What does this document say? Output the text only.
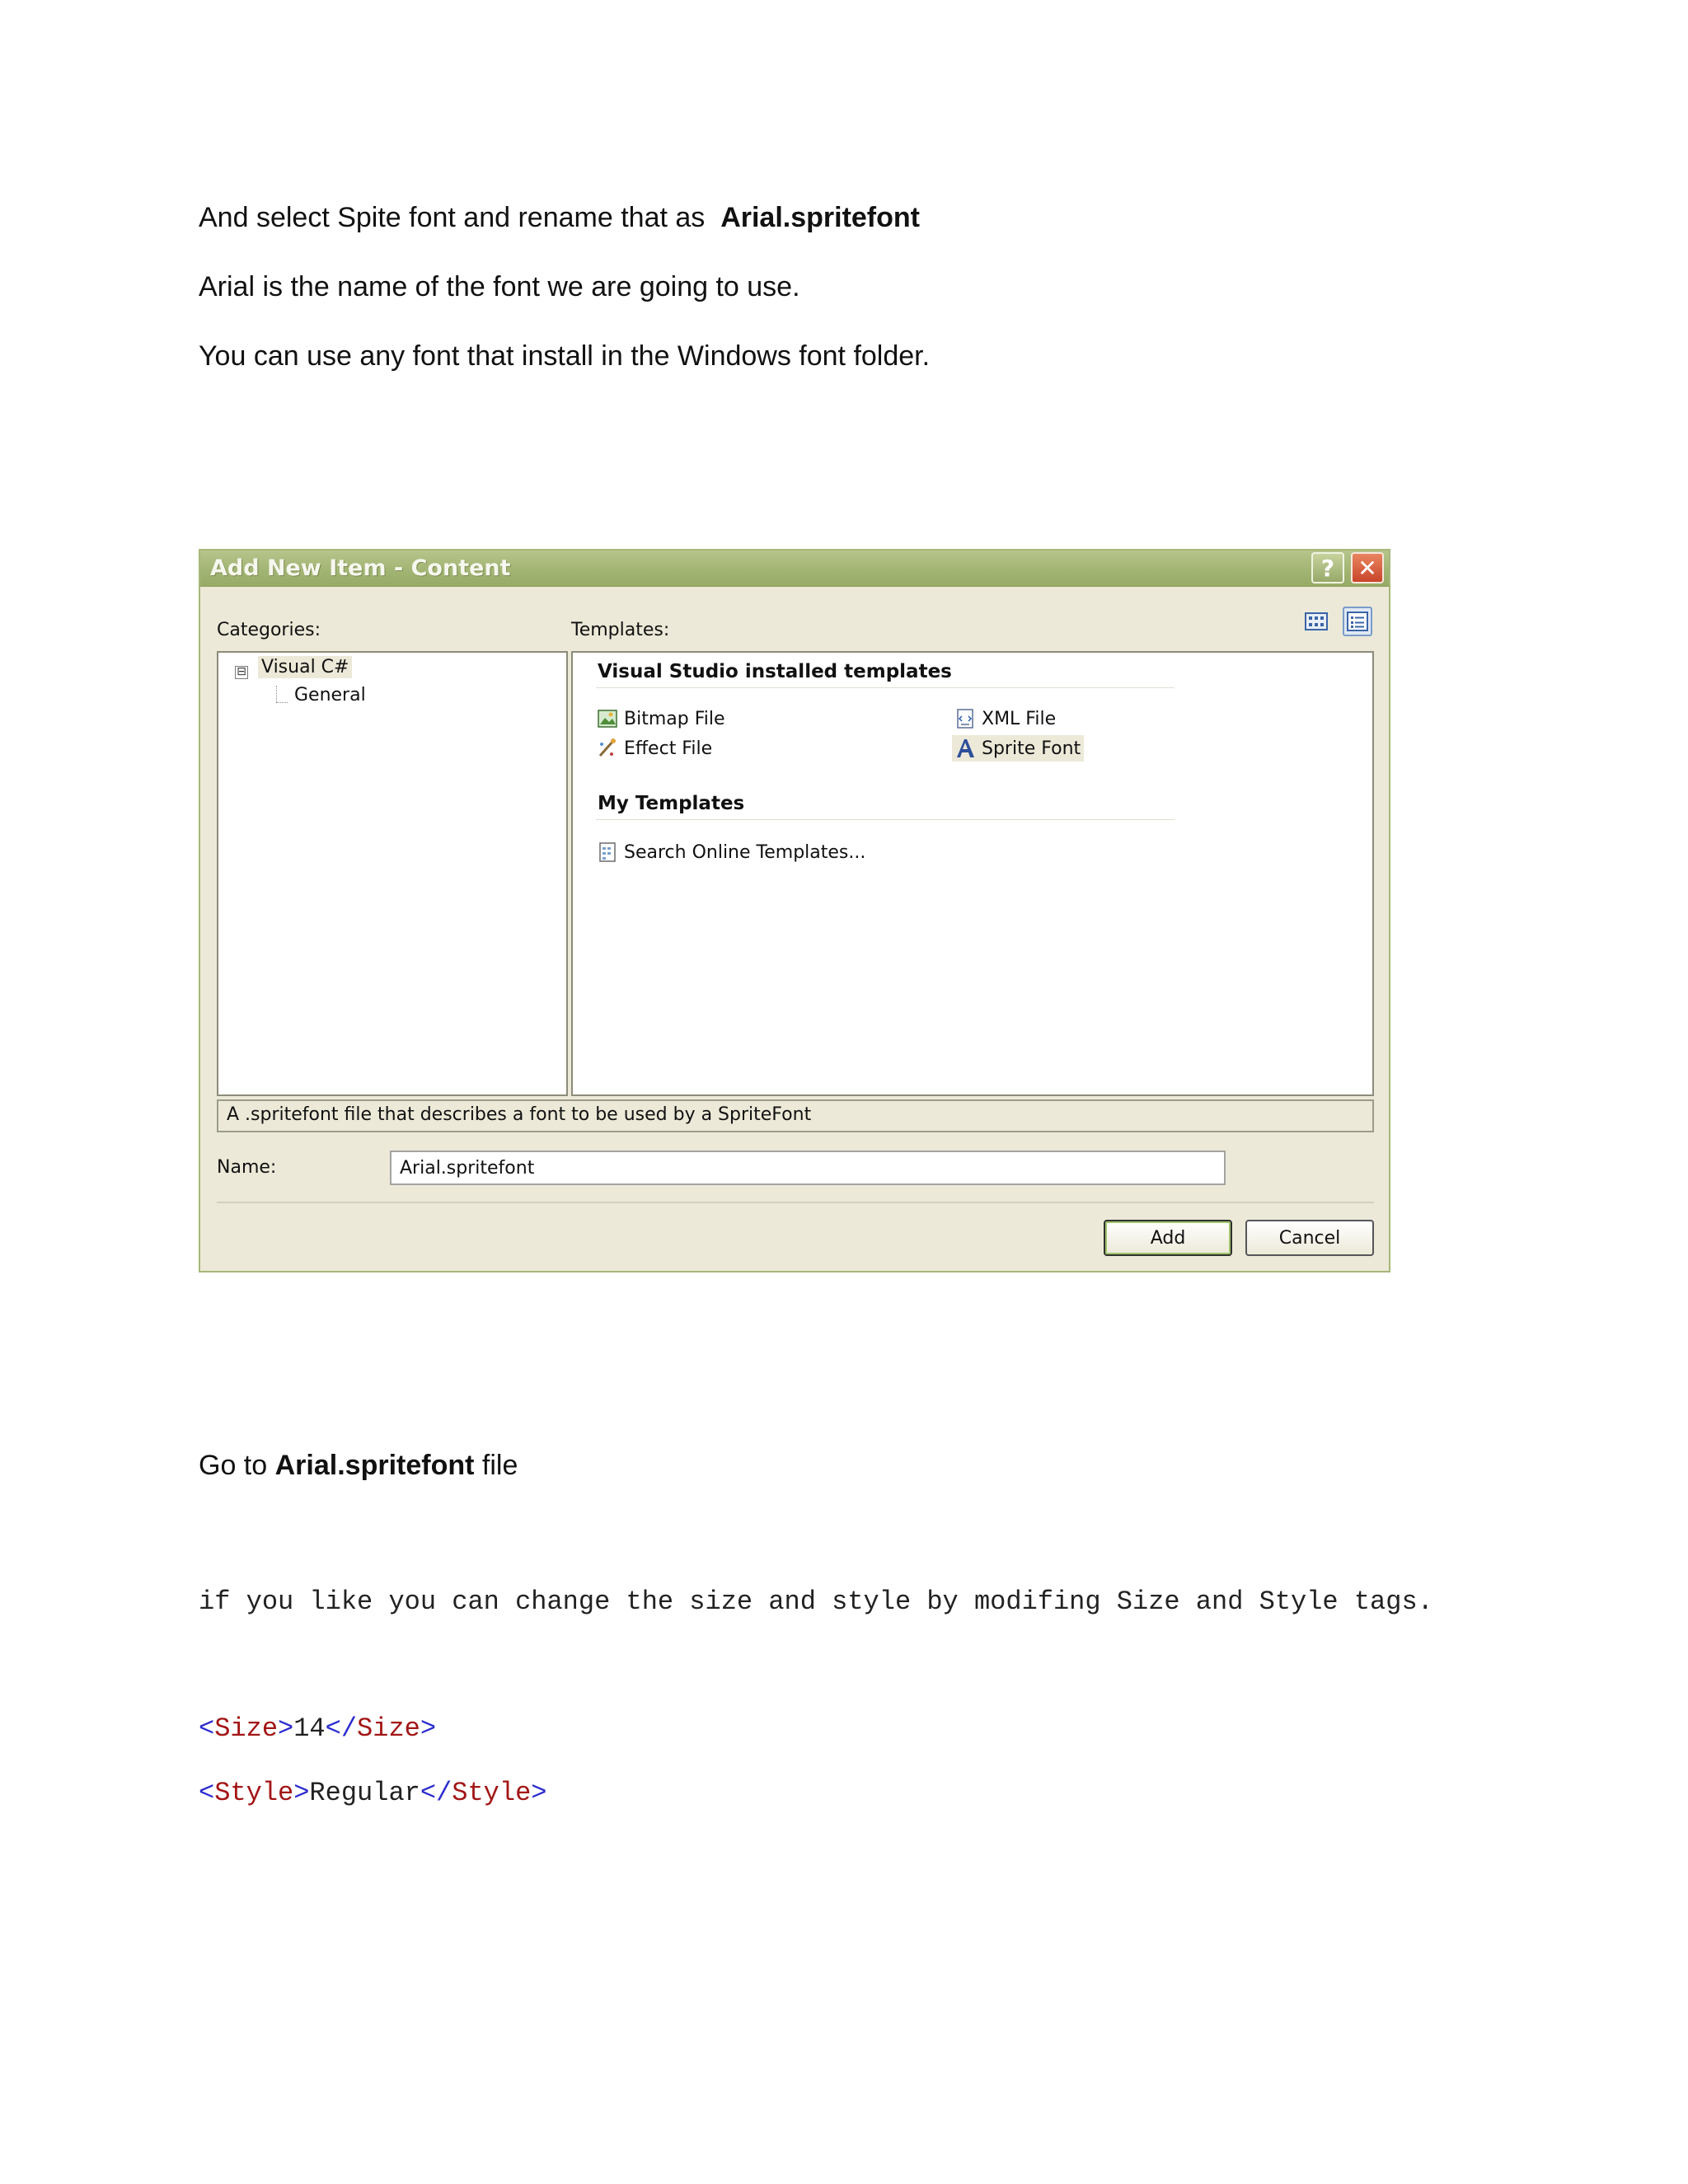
And select Spite font and rename that as Arial.spritefont
Arial is the name of the font we are going to use.
You can use any font that install in the Windows font folder.
Add New Item - Content	?	✕
Categories:	Templates:
⊟ Visual C#
General
Visual Studio installed templates
Bitmap File
Effect File
XML File
Sprite Font
My Templates
Search Online Templates...
A .spritefont file that describes a font to be used by a SpriteFont
Name:
Arial.spritefont
Add	Cancel
Go to Arial.spritefont file
if you like you can change the size and style by modifing Size and Style tags.
<Size>14</Size>
<Style>Regular</Style>
